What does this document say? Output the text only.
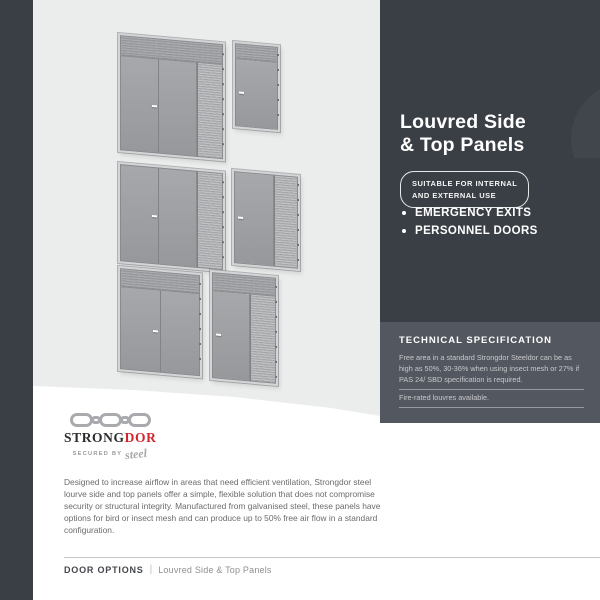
Louvred Side
& Top Panels
SUITABLE FOR INTERNAL
AND EXTERNAL USE
EMERGENCY EXITS
PERSONNEL DOORS
TECHNICAL SPECIFICATION

Free area in a standard Strongdor Steeldor can be as high as 50%, 30-36% when using insect mesh or 27% if PAS 24/ SBD specification is required.

Fire-rated louvres available.

STRONGDOR
SECURED BY steel

Designed to increase airflow in areas that need efficient ventilation, Strongdor steel lourve side and top panels offer a simple, flexible solution that does not compromise security or structural integrity. Manufactured from galvanised steel, these panels have options for bird or insect mesh and can produce up to 50% free air flow in a standard configuration.

DOOR OPTIONS | Louvred Side & Top Panels
